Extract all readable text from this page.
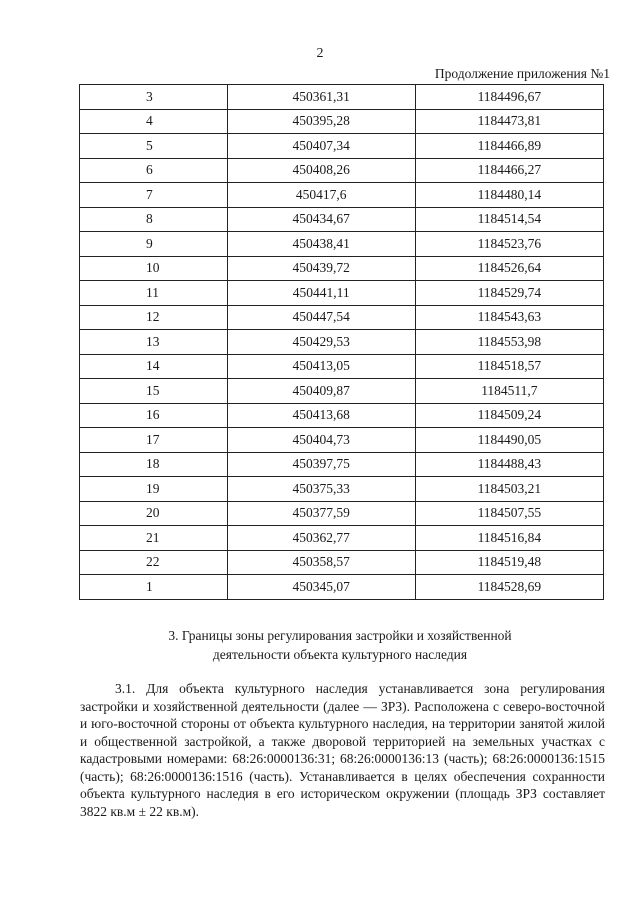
2
Продолжение приложения №1
3	450361,31	1184496,67
4	450395,28	1184473,81
5	450407,34	1184466,89
6	450408,26	1184466,27
7	450417,6	1184480,14
8	450434,67	1184514,54
9	450438,41	1184523,76
10	450439,72	1184526,64
11	450441,11	1184529,74
12	450447,54	1184543,63
13	450429,53	1184553,98
14	450413,05	1184518,57
15	450409,87	1184511,7
16	450413,68	1184509,24
17	450404,73	1184490,05
18	450397,75	1184488,43
19	450375,33	1184503,21
20	450377,59	1184507,55
21	450362,77	1184516,84
22	450358,57	1184519,48
1	450345,07	1184528,69
3. Границы зоны регулирования застройки и хозяйственной
деятельности объекта культурного наследия
3.1. Для объекта культурного наследия устанавливается зона регулирования застройки и хозяйственной деятельности (далее — ЗРЗ). Расположена с северо-восточной и юго-восточной стороны от объекта культурного наследия, на территории занятой жилой и общественной застройкой, а также дворовой территорией на земельных участках с кадастровыми номерами: 68:26:0000136:31; 68:26:0000136:13 (часть); 68:26:0000136:1515 (часть); 68:26:0000136:1516 (часть). Устанавливается в целях обеспечения сохранности объекта культурного наследия в его историческом окружении (площадь ЗРЗ составляет 3822 кв.м ± 22 кв.м).
